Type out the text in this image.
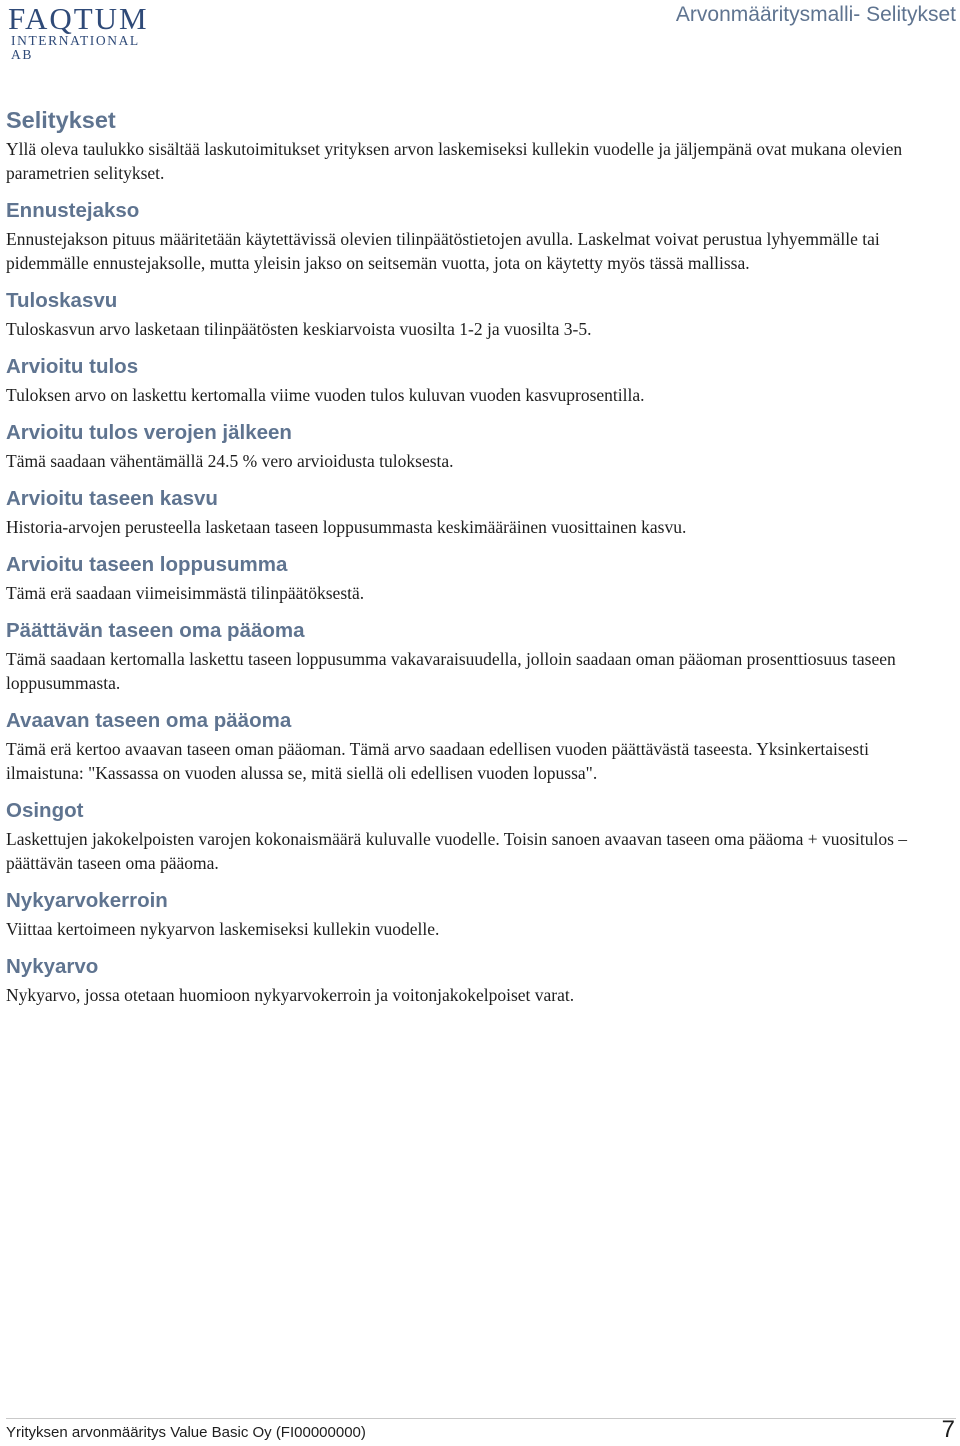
FAQTUM
INTERNATIONAL AB
Arvonmääritysmalli- Selitykset
Selitykset

Yllä oleva taulukko sisältää laskutoimitukset yrityksen arvon laskemiseksi kullekin vuodelle ja jäljempänä ovat mukana olevien parametrien selitykset.

Ennustejakso

Ennustejakson pituus määritetään käytettävissä olevien tilinpäätöstietojen avulla. Laskelmat voivat perustua lyhyemmälle tai pidemmälle ennustejaksolle, mutta yleisin jakso on seitsemän vuotta, jota on käytetty myös tässä mallissa.

Tuloskasvu

Tuloskasvun arvo lasketaan tilinpäätösten keskiarvoista vuosilta 1-2 ja vuosilta 3-5.

Arvioitu tulos

Tuloksen arvo on laskettu kertomalla viime vuoden tulos kuluvan vuoden kasvuprosentilla.

Arvioitu tulos verojen jälkeen

Tämä saadaan vähentämällä 24.5 % vero arvioidusta tuloksesta.

Arvioitu taseen kasvu

Historia-arvojen perusteella lasketaan taseen loppusummasta keskimääräinen vuosittainen kasvu.

Arvioitu taseen loppusumma

Tämä erä saadaan viimeisimmästä tilinpäätöksestä.

Päättävän taseen oma pääoma

Tämä saadaan kertomalla laskettu taseen loppusumma vakavaraisuudella, jolloin saadaan oman pääoman prosenttiosuus taseen loppusummasta.

Avaavan taseen oma pääoma

Tämä erä kertoo avaavan taseen oman pääoman. Tämä arvo saadaan edellisen vuoden päättävästä taseesta. Yksinkertaisesti ilmaistuna: "Kassassa on vuoden alussa se, mitä siellä oli edellisen vuoden lopussa".

Osingot

Laskettujen jakokelpoisten varojen kokonaismäärä kuluvalle vuodelle. Toisin sanoen avaavan taseen oma pääoma + vuositulos – päättävän taseen oma pääoma.

Nykyarvokerroin

Viittaa kertoimeen nykyarvon laskemiseksi kullekin vuodelle.

Nykyarvo

Nykyarvo, jossa otetaan huomioon nykyarvokerroin ja voitonjakokelpoiset varat.

Yrityksen arvonmääritys Value Basic Oy (FI00000000)	7
